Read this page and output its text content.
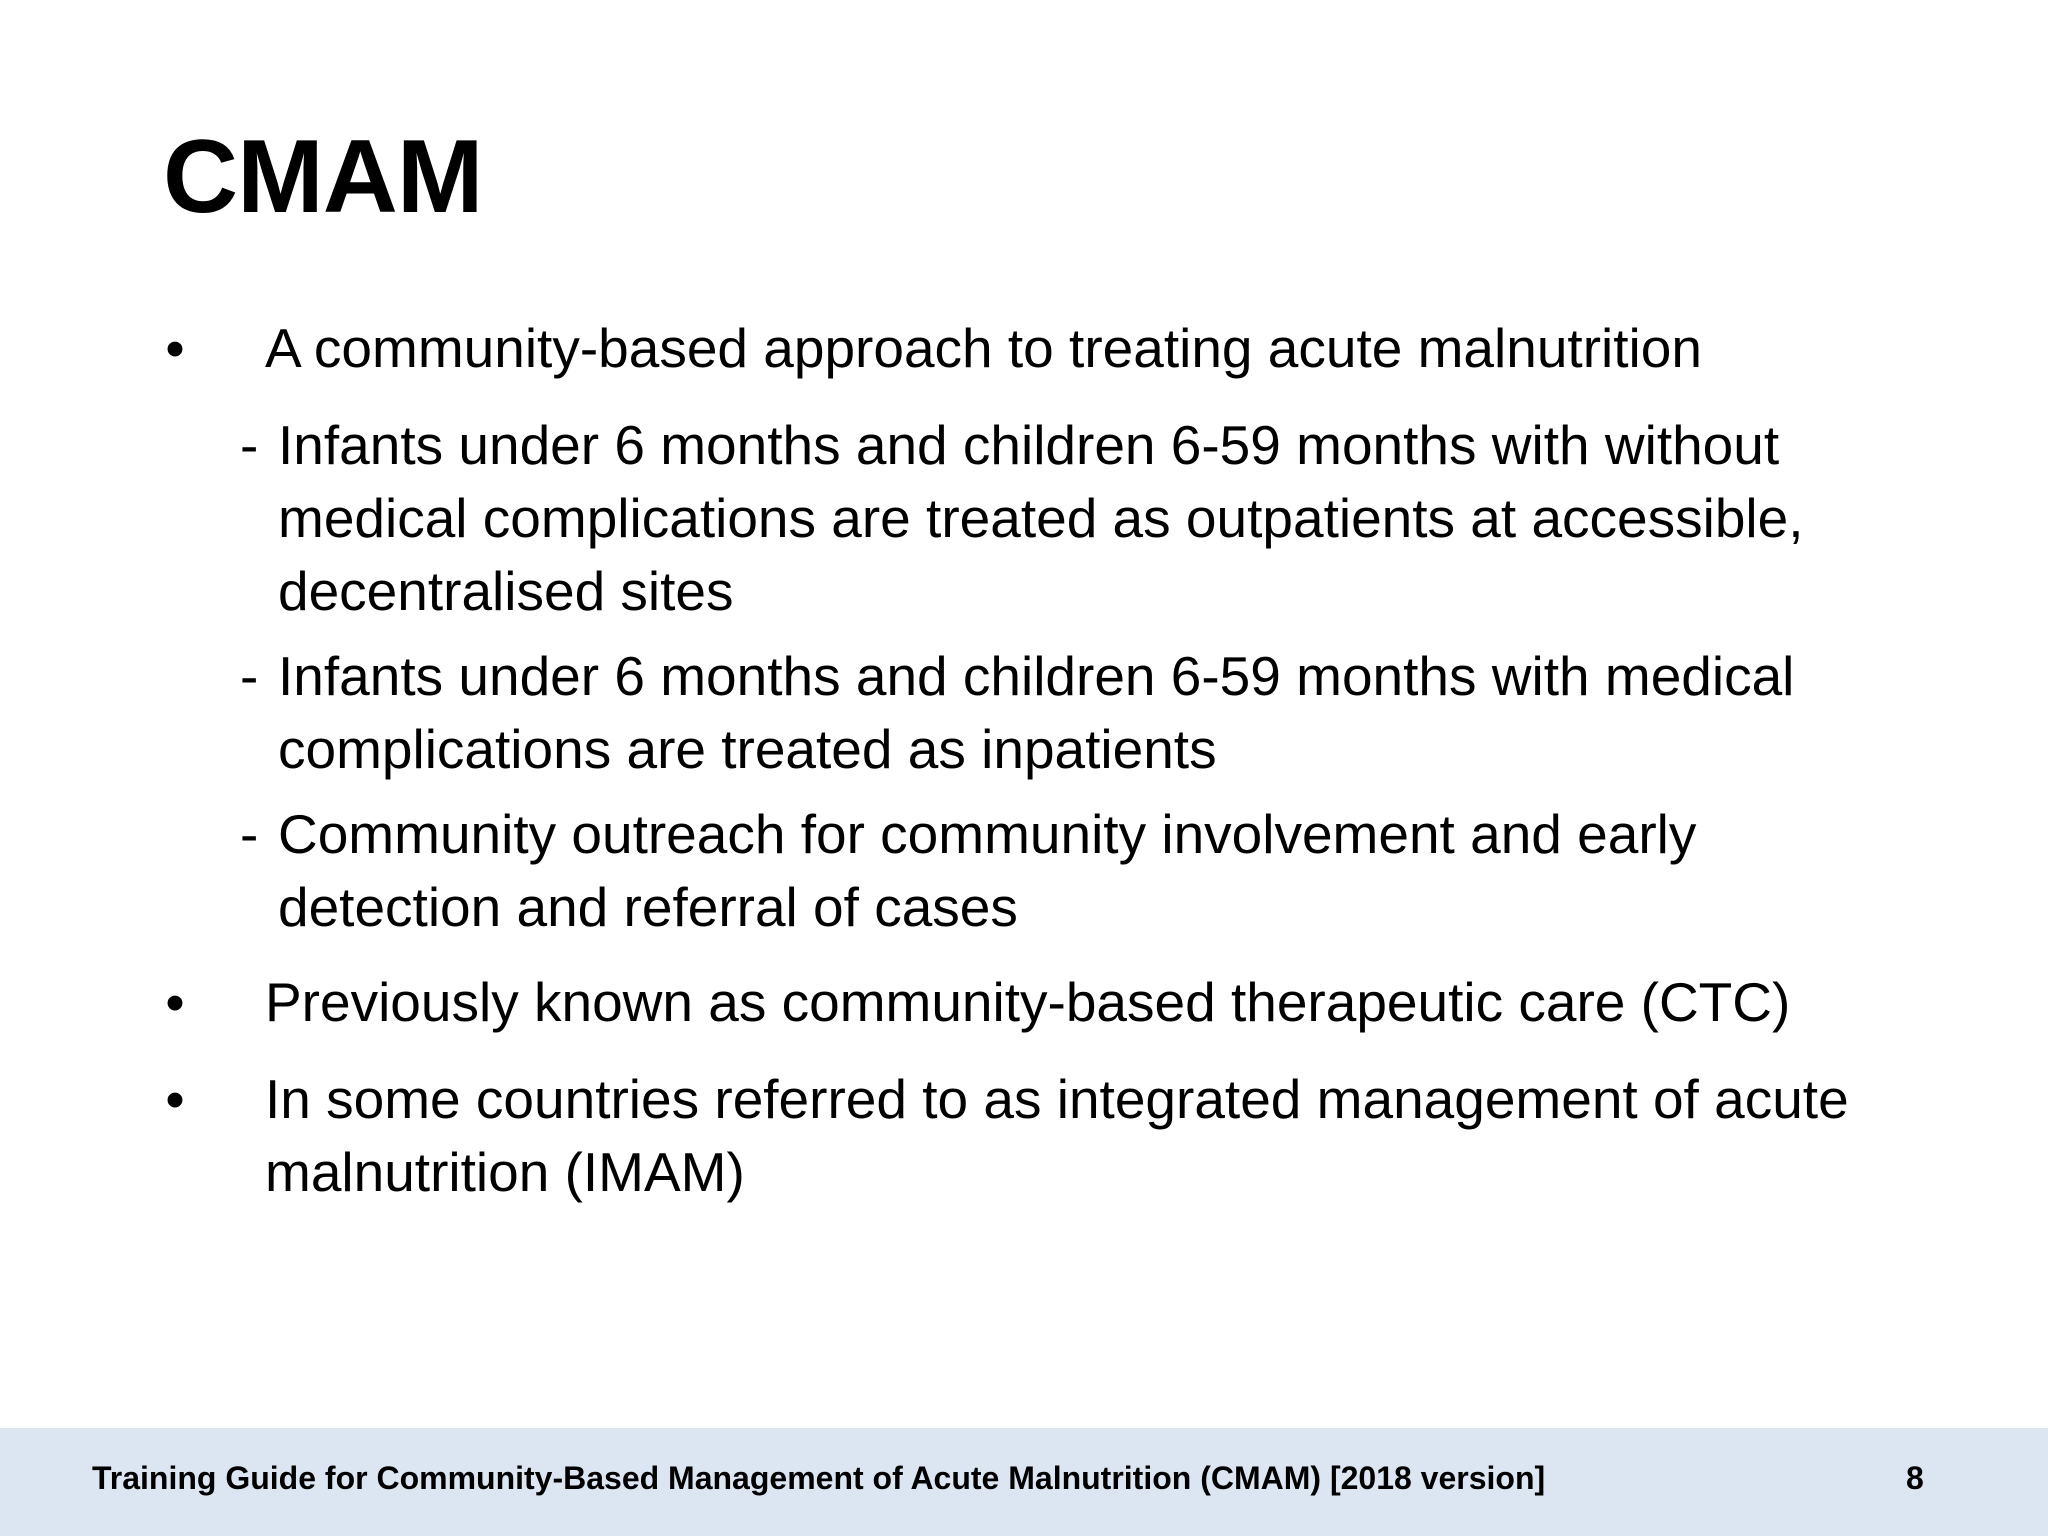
CMAM
• A community-based approach to treating acute malnutrition
- Infants under 6 months and children 6-59 months with without medical complications are treated as outpatients at accessible, decentralised sites
- Infants under 6 months and children 6-59 months with medical complications are treated as inpatients
- Community outreach for community involvement and early detection and referral of cases
• Previously known as community-based therapeutic care (CTC)
• In some countries referred to as integrated management of acute malnutrition (IMAM)
Training Guide for Community-Based Management of Acute Malnutrition (CMAM) [2018 version]	8
